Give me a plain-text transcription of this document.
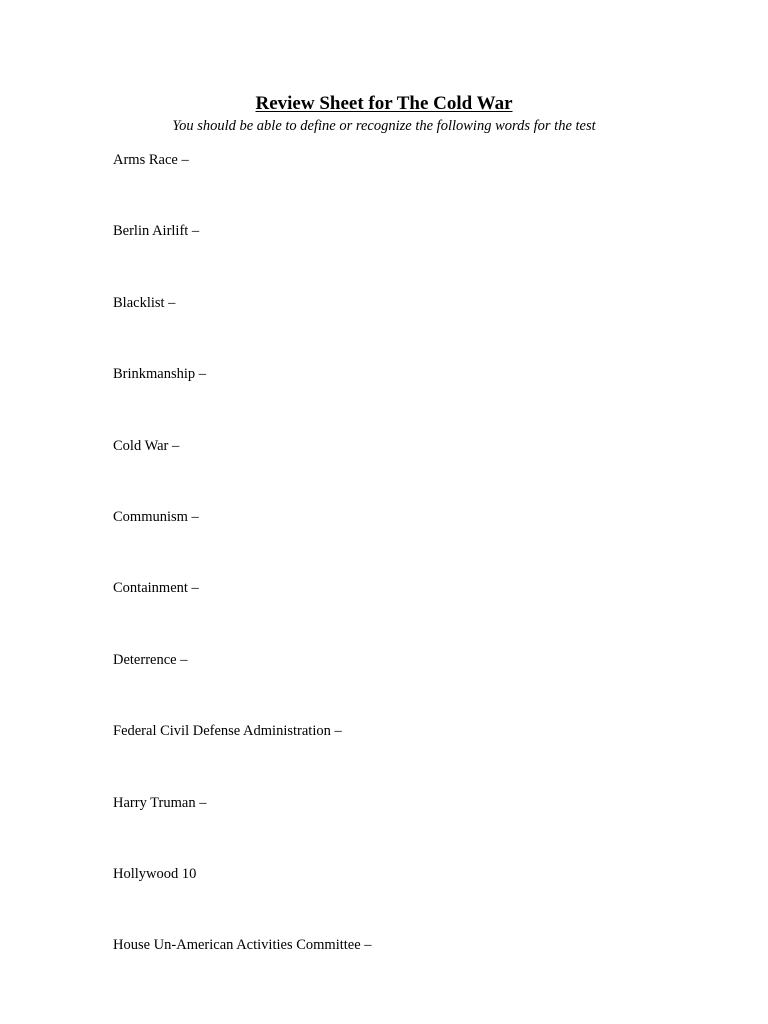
Review Sheet for The Cold War
You should be able to define or recognize the following words for the test
Arms Race –
Berlin Airlift –
Blacklist –
Brinkmanship –
Cold War –
Communism –
Containment –
Deterrence –
Federal Civil Defense Administration –
Harry Truman –
Hollywood 10
House Un-American Activities Committee –
